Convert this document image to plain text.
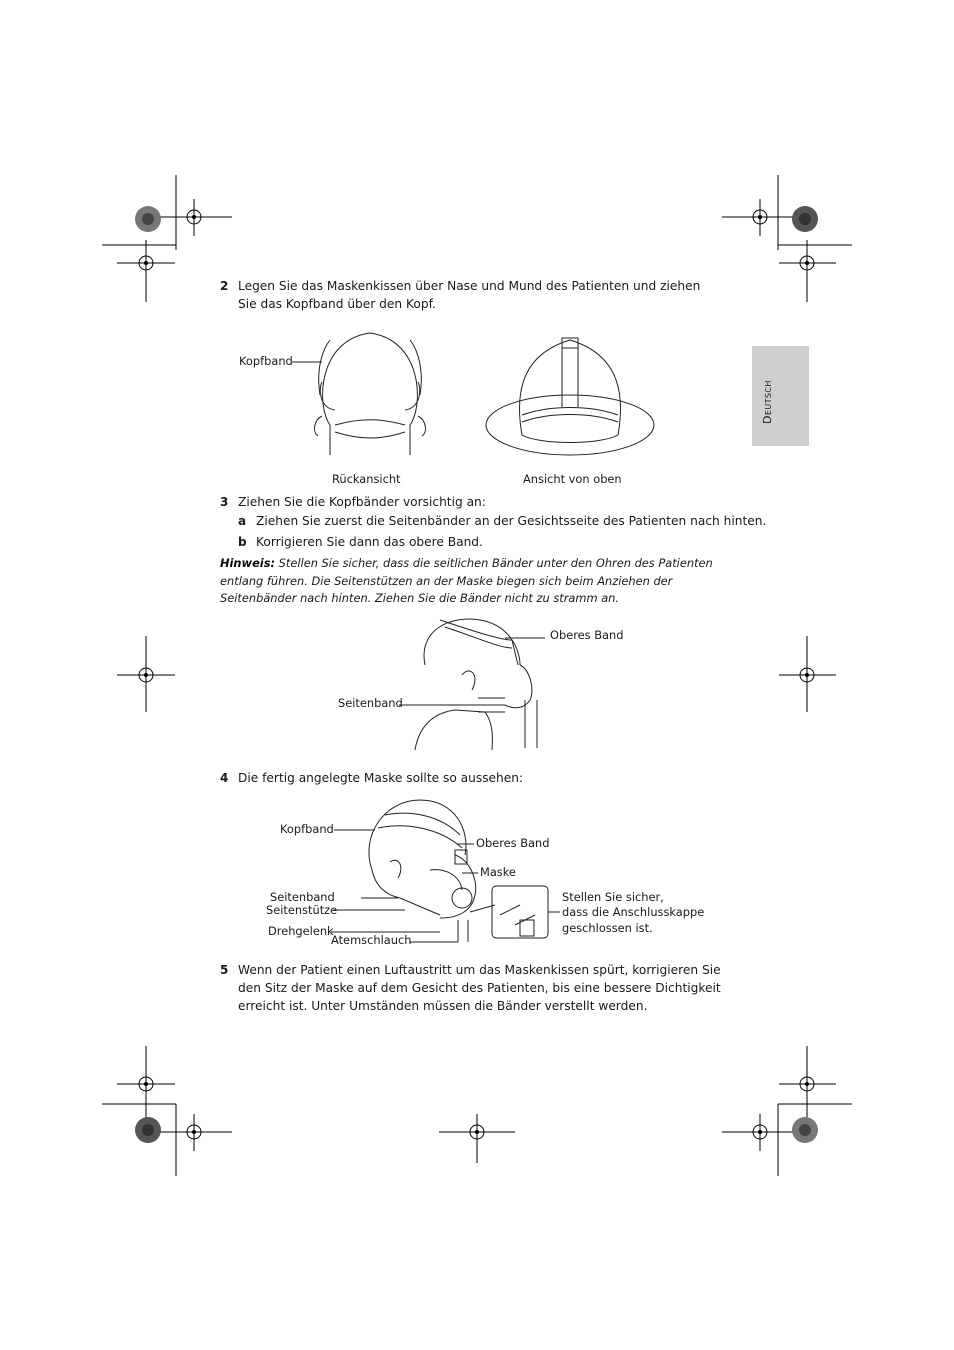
Deutsch
2 Legen Sie das Maskenkissen über Nase und Mund des Patienten und ziehen Sie das Kopfband über den Kopf.
Kopfband
Rückansicht	Ansicht von oben
3 Ziehen Sie die Kopfbänder vorsichtig an:
a Ziehen Sie zuerst die Seitenbänder an der Gesichtsseite des Patienten nach hinten.
b Korrigieren Sie dann das obere Band.
Hinweis: Stellen Sie sicher, dass die seitlichen Bänder unter den Ohren des Patienten entlang führen. Die Seitenstützen an der Maske biegen sich beim Anziehen der Seitenbänder nach hinten. Ziehen Sie die Bänder nicht zu stramm an.
Oberes Band
Seitenband
4 Die fertig angelegte Maske sollte so aussehen:
Kopfband
Oberes Band
Maske
Seitenband
Seitenstütze
Drehgelenk
Atemschlauch
Stellen Sie sicher,
dass die Anschlusskappe
geschlossen ist.
5 Wenn der Patient einen Luftaustritt um das Maskenkissen spürt, korrigieren Sie den Sitz der Maske auf dem Gesicht des Patienten, bis eine bessere Dichtigkeit erreicht ist. Unter Umständen müssen die Bänder verstellt werden.
